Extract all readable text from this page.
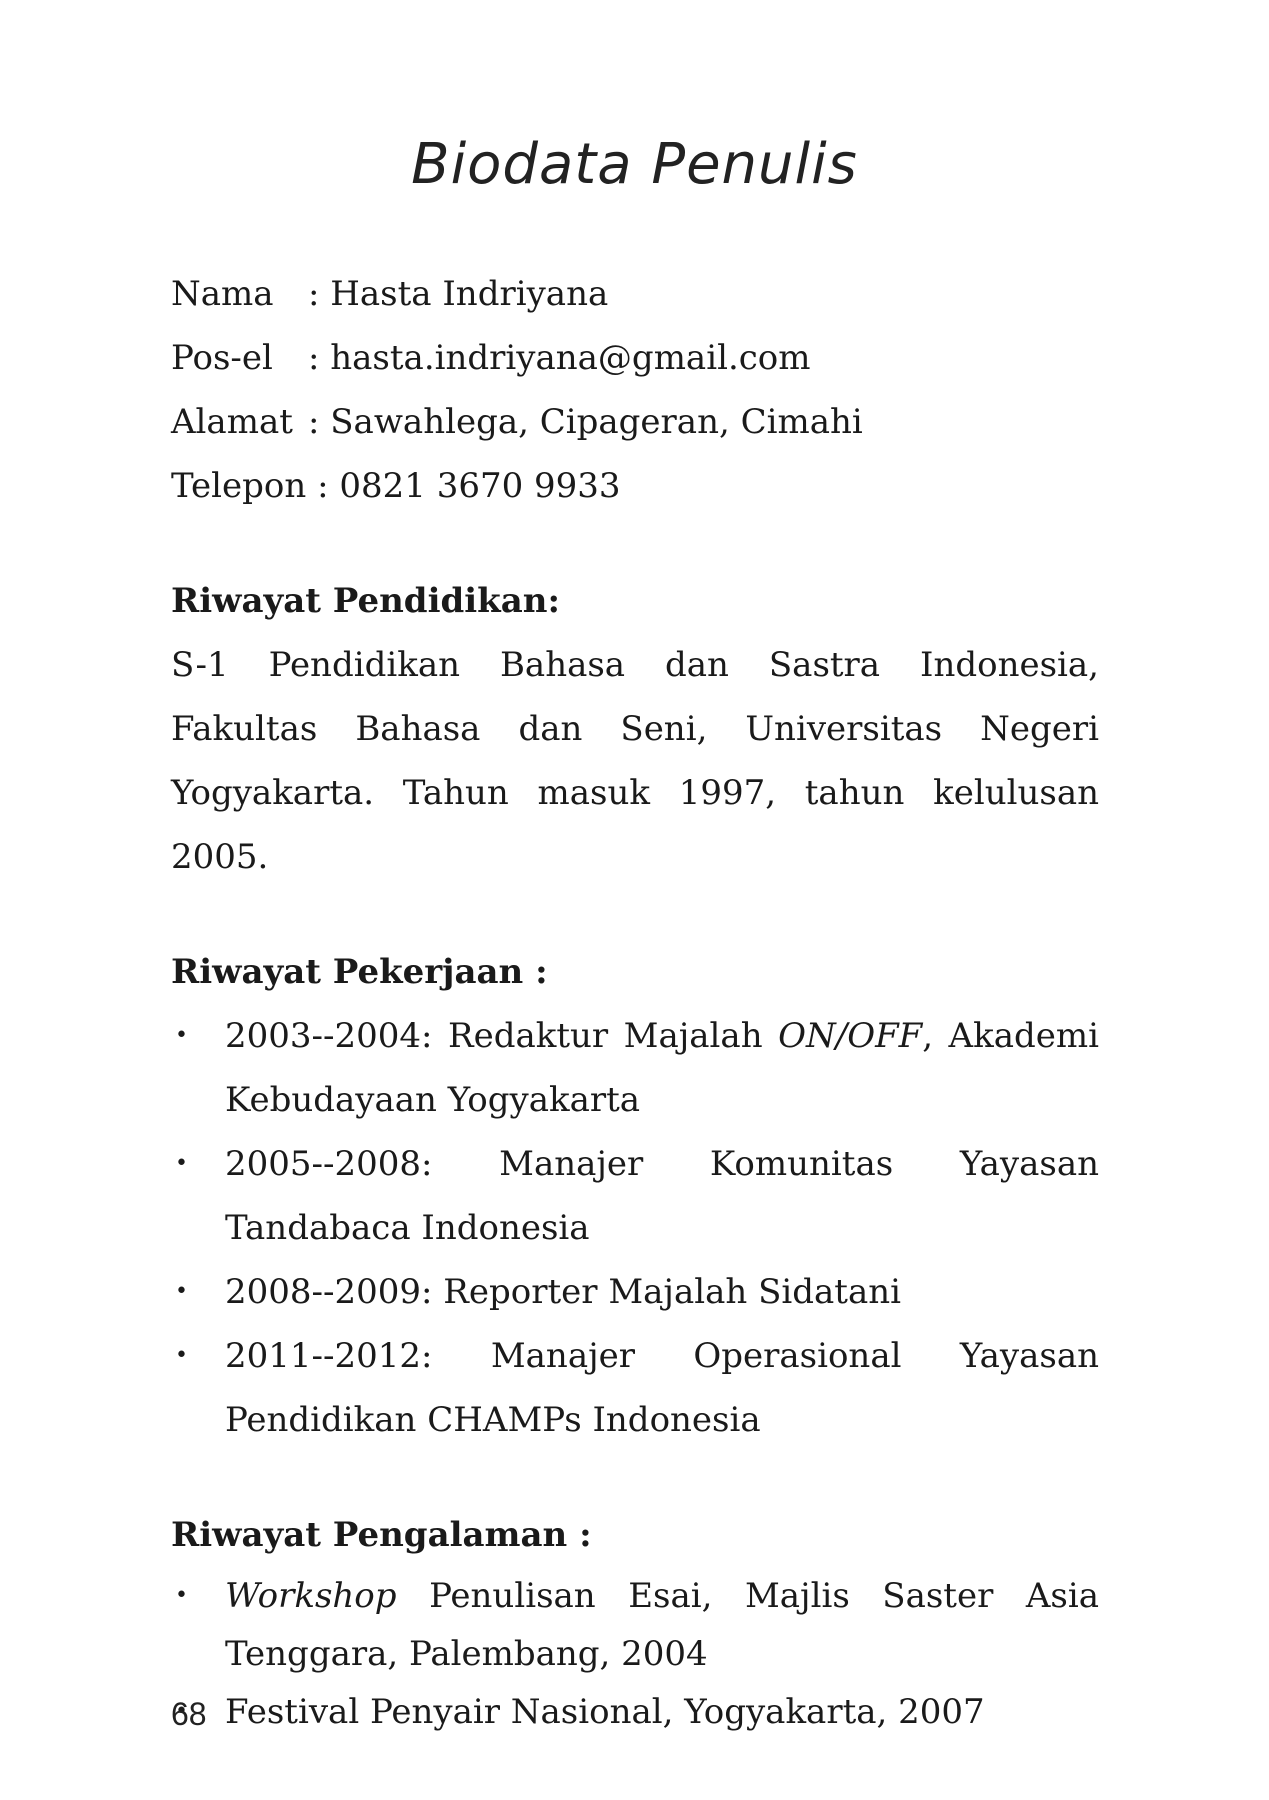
Biodata Penulis
Nama	: Hasta Indriyana
Pos-el	: hasta.indriyana@gmail.com
Alamat : Sawahlega, Cipageran, Cimahi
Telepon : 0821 3670 9933
Riwayat Pendidikan:
S-1 Pendidikan Bahasa dan Sastra Indonesia, Fakultas Bahasa dan Seni, Universitas Negeri Yogyakarta. Tahun masuk 1997, tahun kelulusan 2005.
Riwayat Pekerjaan :
• 2003--2004: Redaktur Majalah ON/OFF, Akademi Kebudayaan Yogyakarta
• 2005--2008: Manajer Komunitas Yayasan Tandabaca Indonesia
• 2008--2009: Reporter Majalah Sidatani
• 2011--2012: Manajer Operasional Yayasan Pendidikan CHAMPs Indonesia
Riwayat Pengalaman :
• Workshop Penulisan Esai, Majlis Saster Asia Tenggara, Palembang, 2004
• Festival Penyair Nasional, Yogyakarta, 2007
68
